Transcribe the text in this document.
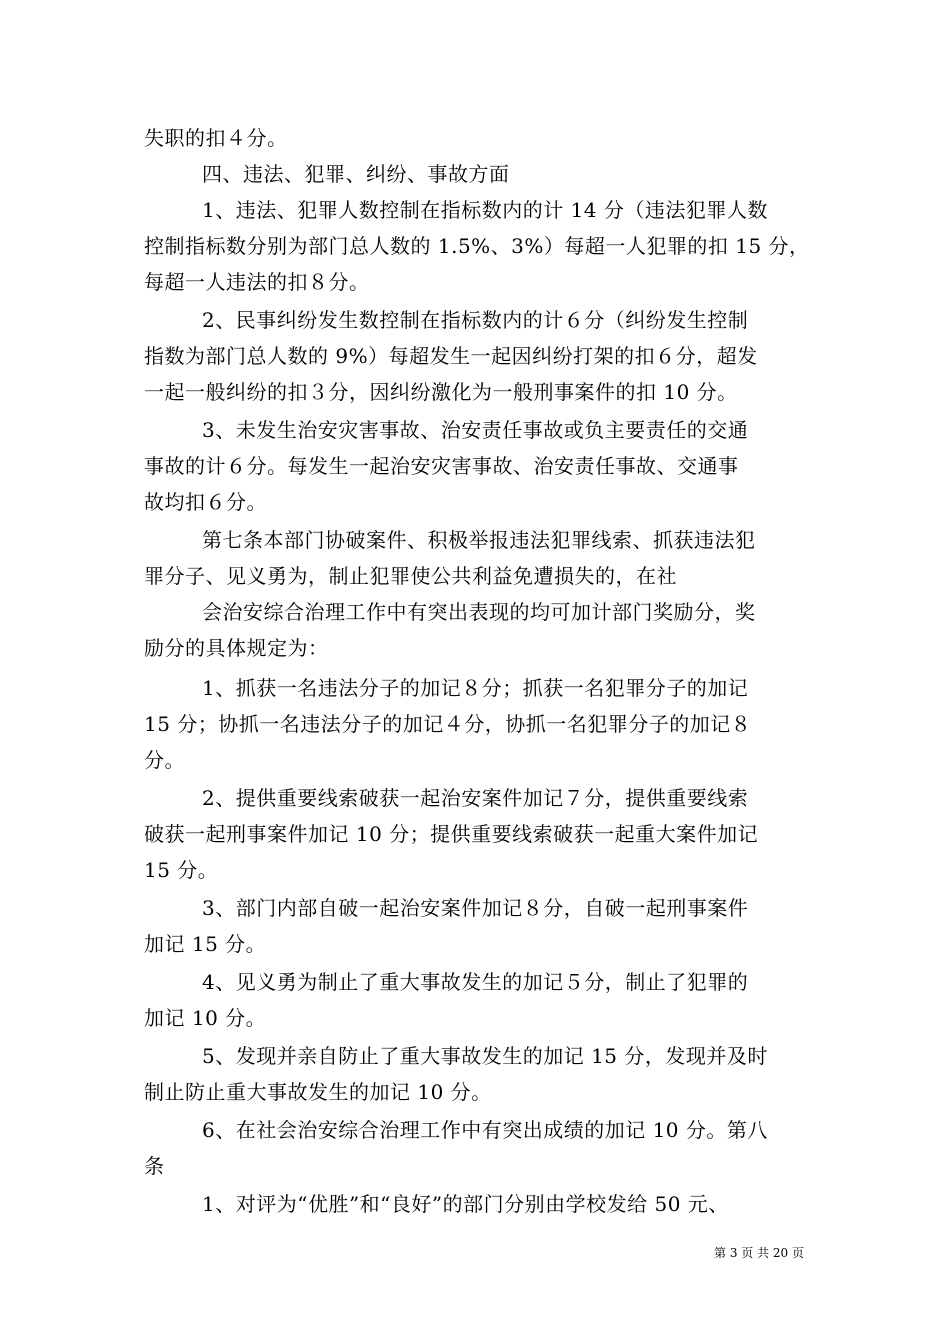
失职的扣４分。
四、违法、犯罪、纠纷、事故方面
1、违法、犯罪人数控制在指标数内的计 14 分（违法犯罪人数
控制指标数分别为部门总人数的 1.5%、3%）每超一人犯罪的扣 15 分，
每超一人违法的扣８分。
2、民事纠纷发生数控制在指标数内的计６分（纠纷发生控制
指数为部门总人数的 9%）每超发生一起因纠纷打架的扣６分，超发
一起一般纠纷的扣３分，因纠纷激化为一般刑事案件的扣 10 分。
3、未发生治安灾害事故、治安责任事故或负主要责任的交通
事故的计６分。每发生一起治安灾害事故、治安责任事故、交通事
故均扣６分。
第七条本部门协破案件、积极举报违法犯罪线索、抓获违法犯
罪分子、见义勇为，制止犯罪使公共利益免遭损失的，在社
会治安综合治理工作中有突出表现的均可加计部门奖励分，奖
励分的具体规定为：
1、抓获一名违法分子的加记８分；抓获一名犯罪分子的加记
15 分；协抓一名违法分子的加记４分，协抓一名犯罪分子的加记８
分。
2、提供重要线索破获一起治安案件加记７分，提供重要线索
破获一起刑事案件加记 10 分；提供重要线索破获一起重大案件加记
15 分。
3、部门内部自破一起治安案件加记８分，自破一起刑事案件
加记 15 分。
4、见义勇为制止了重大事故发生的加记５分，制止了犯罪的
加记 10 分。
5、发现并亲自防止了重大事故发生的加记 15 分，发现并及时
制止防止重大事故发生的加记 10 分。
6、在社会治安综合治理工作中有突出成绩的加记 10 分。第八
条
1、对评为“优胜”和“良好”的部门分别由学校发给 50 元、
第 3 页 共 20 页
